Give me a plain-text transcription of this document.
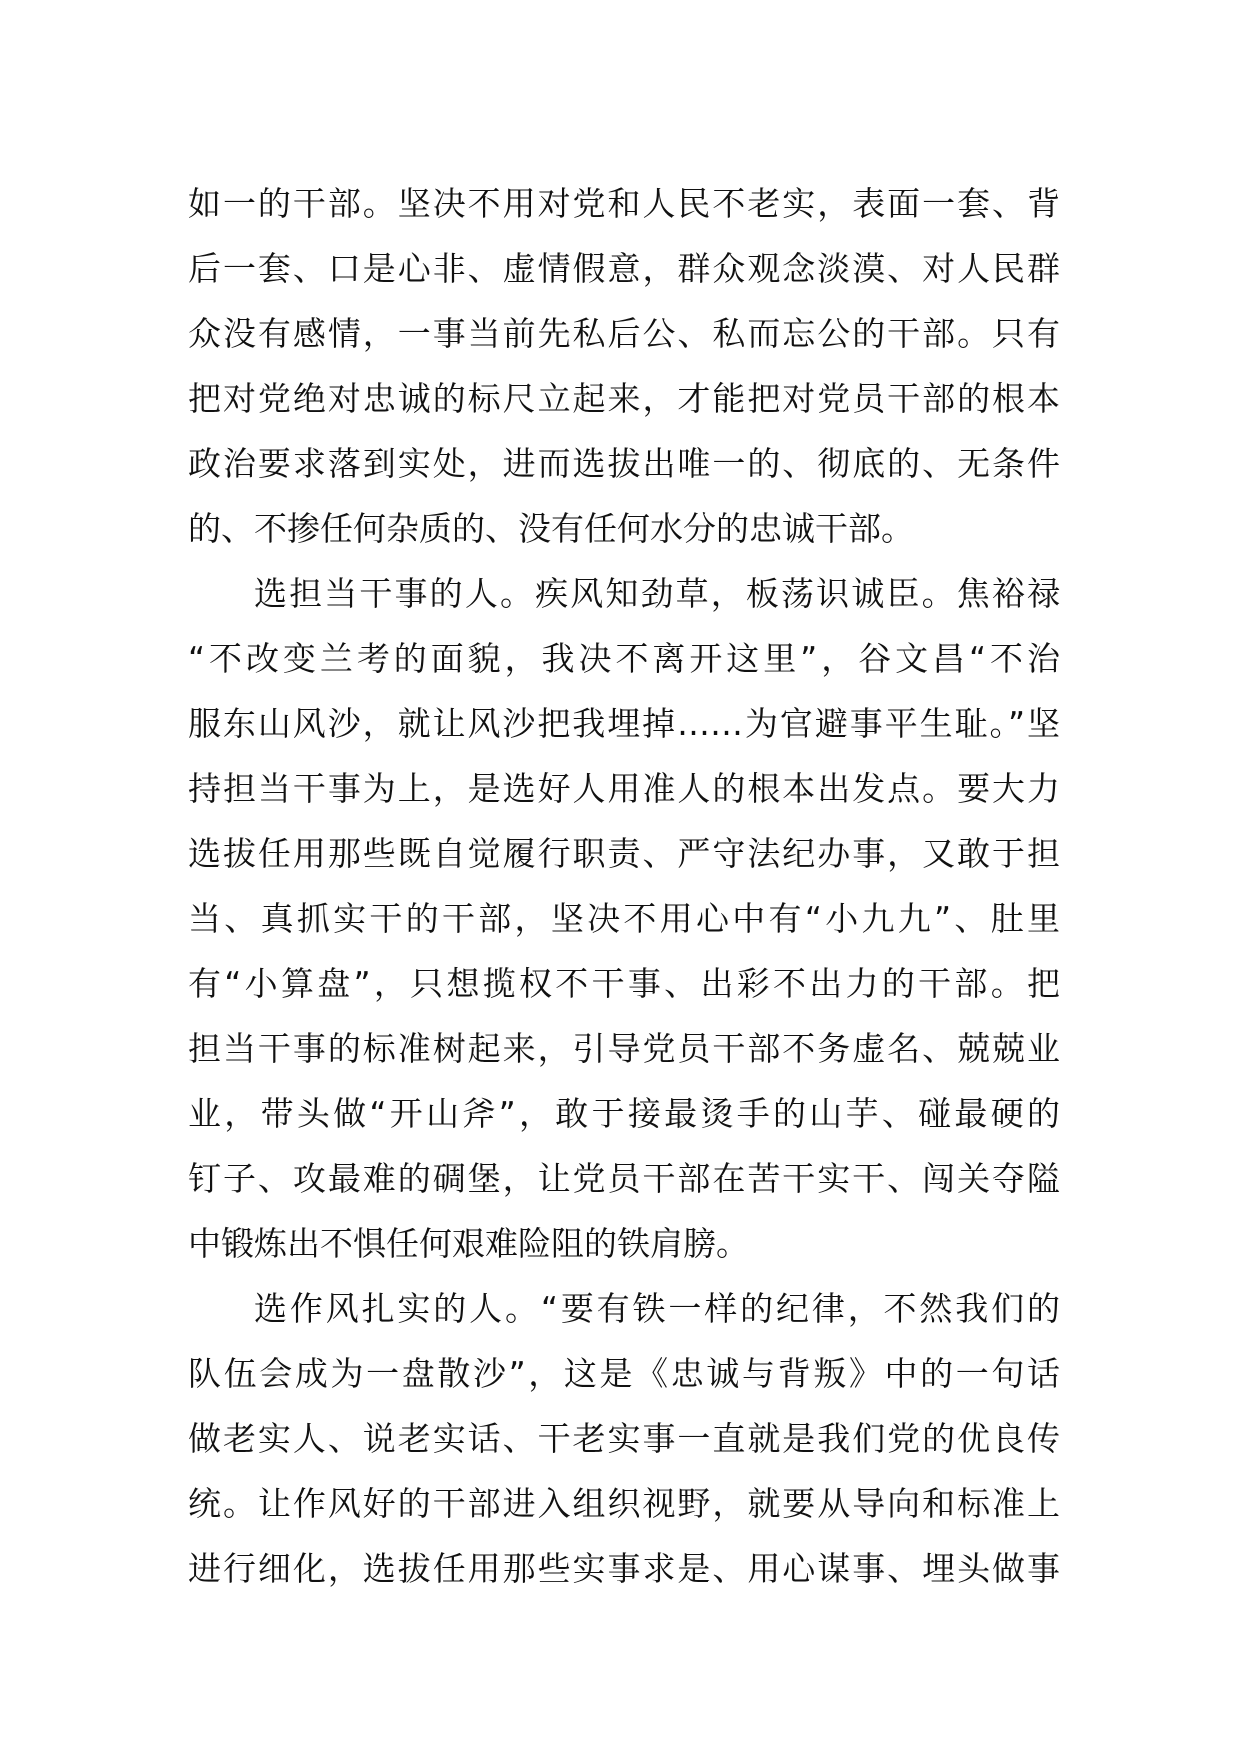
如一的干部。坚决不用对党和人民不老实，表面一套、背
后一套、口是心非、虚情假意，群众观念淡漠、对人民群
众没有感情，一事当前先私后公、私而忘公的干部。只有
把对党绝对忠诚的标尺立起来，才能把对党员干部的根本
政治要求落到实处，进而选拔出唯一的、彻底的、无条件
的、不掺任何杂质的、没有任何水分的忠诚干部。
选担当干事的人。疾风知劲草，板荡识诚臣。焦裕禄
“不改变兰考的面貌，我决不离开这里”，谷文昌“不治
服东山风沙，就让风沙把我埋掉……为官避事平生耻。”坚
持担当干事为上，是选好人用准人的根本出发点。要大力
选拔任用那些既自觉履行职责、严守法纪办事，又敢于担
当、真抓实干的干部，坚决不用心中有“小九九”、肚里
有“小算盘”，只想揽权不干事、出彩不出力的干部。把
担当干事的标准树起来，引导党员干部不务虚名、兢兢业
业，带头做“开山斧”，敢于接最烫手的山芋、碰最硬的
钉子、攻最难的碉堡，让党员干部在苦干实干、闯关夺隘
中锻炼出不惧任何艰难险阻的铁肩膀。
选作风扎实的人。“要有铁一样的纪律，不然我们的
队伍会成为一盘散沙”，这是《忠诚与背叛》中的一句话
做老实人、说老实话、干老实事一直就是我们党的优良传
统。让作风好的干部进入组织视野，就要从导向和标准上
进行细化，选拔任用那些实事求是、用心谋事、埋头做事
